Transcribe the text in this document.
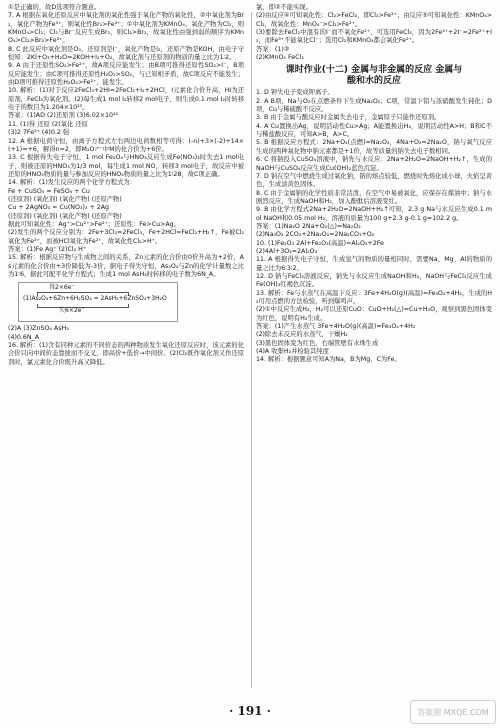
①是正确的，故D选项符合题意。

7. A 根据在氧化还原反应中氧化剂的氧化性强于氧化产物的氧化性，②中氧化剂为Br₂，氧化产物为Fe³⁺，则氧化性Br₂>Fe³⁺；①中氧化剂为KMnO₄，氧化产物为Cl₂，则KMnO₄>Cl₂；Cl₂与Br⁻反应生成Br₂，则Cl₂>Br₂，故氧化性由强到弱的顺序为KMnO₄>Cl₂>Br₂>Fe³⁺。

8. C 此反应中氧化剂是O₃，还原剂是I⁻，氧化产物是I₂，还原产物是KOH，由电子守恒知：2KI+O₃+H₂O=2KOH+I₂+O₂，故氧化剂与还原剂的物质的量之比为1∶2。

9. A 由于还原性SO₂>Fe²⁺，故A项反应能发生；由B项可推得还原性SO₂>I⁻，B项反应能发生；由C项可推得还原性H₂O₂>SO₂，与已知相矛盾，故C项反应不能发生；由D项可推得还原性H₂O₂>Fe²⁺，能发生。

10. 解析：(1)对于反应2FeCl₃+2HI=2FeCl₂+I₂+2HCl，I元素化合价升高，HI为还原剂，FeCl₃为氧化剂。(2)每生成1 mol I₂转移2 mol电子，则生成0.1 mol I₂时转移电子的数目为1.204×10²³。

答案：(1)AD (2)还原剂 (3)6.02×10²²

11. (1)得 还原 (2)氧化 还原

(3)2 7Fe²⁺ (4)0.2 强

12. A 根据电荷守恒，由离子方程式左右两边电荷数相等可得：(-n)+3×(-2)+14×(+1)=+6，解得n=2，即M₂O₇ⁿ⁻中M的化合价为+6价。

13. C 根据得失电子守恒，1 mol Fe₃O₄与HNO₃反应生成Fe(NO₃)₃时失去1 mol电子，则被还原的HNO₃为1/3 mol，每生成1 mol NO，转移3 mol电子，故反应中被还原的HNO₃物质的量与参加反应的HNO₃物质的量之比为1∶28，故C项正确。

14. 解析：(1)发生反应的两个化学方程式为：

Fe + CuSO₄ = FeSO₄ + Cu

(还原剂) (氧化剂) (氧化产物) (还原产物)

Cu + 2AgNO₃ = Cu(NO₃)₂ + 2Ag

(还原剂) (氧化剂) (氧化产物) (还原产物)

据此可知氧化性：Ag⁺>Cu²⁺>Fe²⁺；还原性：Fe>Cu>Ag。

(2)发生的两个反应分别为：2Fe+3Cl₂=2FeCl₃，Fe+2HCl=FeCl₂+H₂↑，Fe被Cl₂氧化为Fe³⁺，而被HCl氧化为Fe²⁺，故氧化性Cl₂>H⁺。

答案：(1)Fe Ag⁺ (2)Cl₂ H⁺

15. 解析：根据反应物与生成物之间的关系，Zn元素的化合价由0价升高为+2价，As元素的化合价由+3价降低为-3价，据电子得失守恒，As₂O₃与Zn的化学计量数之比为1∶6，据此可配平化学方程式；生成1 mol AsH₃时转移的电子数为6N_A。

得2×6e⁻
(1)As₂O₃+6Zn+6H₂SO₄ = 2AsH₃+6ZnSO₄+3H₂O
失6×2e⁻

(2)A (3)ZnSO₄ AsH₃

(4)0.6N_A

16. 解析：(1)含有同种元素的不同价态的两种物质发生氧化还原反应时，该元素的化合价只向中间价态靠拢而不交叉，即高价+低价→中间价。(2)Cl₂既作氧化剂又作还原剂时，氯元素化合价既升高又降低。

氯，即②不能实现。

(2)由反应④可知氧化性：Cl₂>FeCl₃，即Cl₂>Fe³⁺；由反应⑤可知氧化性：KMnO₄>Cl₂，故氧化性：MnO₄⁻>Cl₂>Fe³⁺。

(3)要除去FeCl₂中混有的I⁻而不氧化Fe²⁺，可选用FeCl₃，因为2Fe³⁺+2I⁻=2Fe²⁺+I₂，而Fe³⁺不能氧化Cl⁻；选用Cl₂和KMnO₄都会氧化Fe²⁺。

答案：(1)②

(2)KMnO₄ FeCl₃

课时作业(十二) 金属与非金属的反应 金属与
酸和水的反应

1. D 钾失电子变成钾离子。

2. A B项，Na与O₂在点燃条件下生成Na₂O₂；C项，常温下铝与浓硝酸发生钝化；D项，Cu与稀硫酸不反应。

3. B 由于金属与酸反应时金属失去电子，金属原子只能作还原剂。

4. A Cu置换出Ag，说明活动性Cu>Ag；A能置换出H₂，说明活动性A>H；B和C不与稀盐酸反应，可知A>B，A>C。

5. B 根据反应方程式：2Na+O₂(点燃)=Na₂O₂，4Na+O₂=2Na₂O，钠与氧气反应生成的两种氧化物中钠元素都是+1价，故等质量的钠失去电子数相同。

6. C 将钠投入CuSO₄溶液中，钠先与水反应：2Na+2H₂O=2NaOH+H₂↑，生成的NaOH与CuSO₄反应生成Cu(OH)₂蓝色沉淀。

7. D 钠在空气中燃烧生成过氧化钠，钠的熔点较低，燃烧时先熔化成小球，火焰呈黄色，生成淡黄色固体。

8. C 由于金属钠的化学性质非常活泼，在空气中易被氧化，应保存在煤油中；钠与水剧烈反应，生成NaOH和H₂，加入酚酞后溶液变红。

9. B 由化学方程式2Na+2H₂O=2NaOH+H₂↑可知，2.3 g Na与水反应生成0.1 mol NaOH和0.05 mol H₂，溶液的质量为100 g+2.3 g-0.1 g=102.2 g。

答案：(1)Na₂O 2Na+O₂(△)=Na₂O₂

(2)Na₂O₂ 2CO₂+2Na₂O₂=2Na₂CO₃+O₂

10. (1)Fe₂O₃ 2Al+Fe₂O₃(高温)=Al₂O₃+2Fe

(2)4Al+3O₂=2Al₂O₃

11. A 根据得失电子守恒，生成氢气的物质的量相同时，需要Na、Mg、Al的物质的量之比为6∶3∶2。

12. D 钠与FeCl₃溶液反应，钠先与水反应生成NaOH和H₂，NaOH与FeCl₃反应生成Fe(OH)₃红褐色沉淀。

13. 解析：Fe与水蒸气在高温下反应：3Fe+4H₂O(g)(高温)=Fe₃O₄+4H₂，生成的H₂可用点燃的方法检验，听到爆鸣声。

(2)①中反应生成H₂，H₂可以还原CuO：CuO+H₂(△)=Cu+H₂O，观察到黑色固体变为红色，说明有H₂生成。

答案：(1)产生水蒸气 3Fe+4H₂O(g)(高温)=Fe₃O₄+4H₂

(2)除去未反应的水蒸气，干燥H₂

(3)黑色固体变为红色，右端管壁有水珠生成

(4)A 收集H₂并检验其纯度

14. 解析：根据题意可知A为Na，B为Mg，C为Fe。

· 191 ·	答案圈 MXQE.COM
